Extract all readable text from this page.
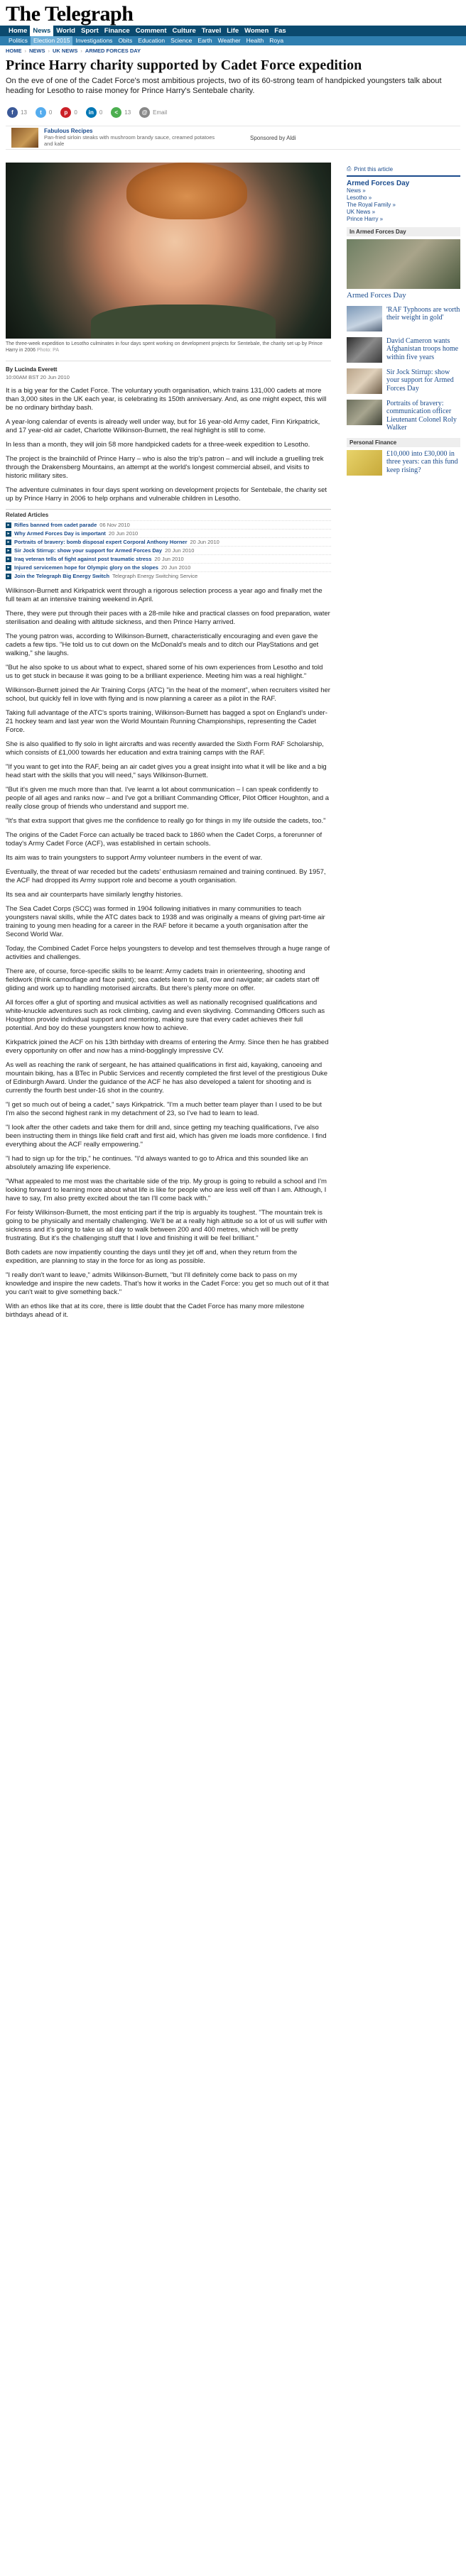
The Telegraph
Home News World Sport Finance Comment Culture Travel Life Women Fas
Politics Election 2015 Investigations Obits Education Science Earth Weather Health Roya
HOME › NEWS › UK NEWS › ARMED FORCES DAY
Prince Harry charity supported by Cadet Force expedition

On the eve of one of the Cadet Force's most ambitious projects, two of its 60-strong team of handpicked youngsters talk about heading for Lesotho to raise money for Prince Harry's Sentebale charity.

f	13	t	0	p	0	in 0	<	13	@ Email
Fabulous Recipes
Pan-fried sirloin steaks with mushroom brandy sauce, creamed potatoes and kale
Sponsored by Aldi
The three-week expedition to Lesotho culminates in four days spent working on development projects for Sentebale, the charity set up by Prince Harry in 2006 Photo: PA
By Lucinda Everett
10:00AM BST 20 Jun 2010

It is a big year for the Cadet Force. The voluntary youth organisation, which trains 131,000 cadets at more than 3,000 sites in the UK each year, is celebrating its 150th anniversary. And, as one might expect, this will be no ordinary birthday bash.

A year-long calendar of events is already well under way, but for 16 year-old Army cadet, Finn Kirkpatrick, and 17 year-old air cadet, Charlotte Wilkinson-Burnett, the real highlight is still to come.

In less than a month, they will join 58 more handpicked cadets for a three-week expedition to Lesotho.

The project is the brainchild of Prince Harry – who is also the trip's patron – and will include a gruelling trek through the Drakensberg Mountains, an attempt at the world's longest commercial abseil, and visits to historic military sites.

The adventure culminates in four days spent working on development projects for Sentebale, the charity set up by Prince Harry in 2006 to help orphans and vulnerable children in Lesotho.

Related Articles
▸ Rifles banned from cadet parade 06 Nov 2010
▸ Why Armed Forces Day is important 20 Jun 2010
▸ Portraits of bravery: bomb disposal expert Corporal Anthony Horner 20 Jun 2010
▸ Sir Jock Stirrup: show your support for Armed Forces Day 20 Jun 2010
▸ Iraq veteran tells of fight against post traumatic stress 20 Jun 2010
▸ Injured servicemen hope for Olympic glory on the slopes 20 Jun 2010
▸ Join the Telegraph Big Energy Switch Telegraph Energy Switching Service

Wilkinson-Burnett and Kirkpatrick went through a rigorous selection process a year ago and finally met the full team at an intensive training weekend in April.

There, they were put through their paces with a 28-mile hike and practical classes on food preparation, water sterilisation and dealing with altitude sickness, and then Prince Harry arrived.

The young patron was, according to Wilkinson-Burnett, characteristically encouraging and even gave the cadets a few tips. "He told us to cut down on the McDonald's meals and to ditch our PlayStations and get walking," she laughs.

"But he also spoke to us about what to expect, shared some of his own experiences from Lesotho and told us to get stuck in because it was going to be a brilliant experience. Meeting him was a real highlight."

Wilkinson-Burnett joined the Air Training Corps (ATC) "in the heat of the moment", when recruiters visited her school, but quickly fell in love with flying and is now planning a career as a pilot in the RAF.

Taking full advantage of the ATC's sports training, Wilkinson-Burnett has bagged a spot on England's under-21 hockey team and last year won the World Mountain Running Championships, representing the Cadet Force.

She is also qualified to fly solo in light aircrafts and was recently awarded the Sixth Form RAF Scholarship, which consists of £1,000 towards her education and extra training camps with the RAF.

"If you want to get into the RAF, being an air cadet gives you a great insight into what it will be like and a big head start with the skills that you will need," says Wilkinson-Burnett.

"But it's given me much more than that. I've learnt a lot about communication – I can speak confidently to people of all ages and ranks now – and I've got a brilliant Commanding Officer, Pilot Officer Houghton, and a really close group of friends who understand and support me.

"It's that extra support that gives me the confidence to really go for things in my life outside the cadets, too."

The origins of the Cadet Force can actually be traced back to 1860 when the Cadet Corps, a forerunner of today's Army Cadet Force (ACF), was established in certain schools.

Its aim was to train youngsters to support Army volunteer numbers in the event of war.

Eventually, the threat of war receded but the cadets' enthusiasm remained and training continued. By 1957, the ACF had dropped its Army support role and become a youth organisation.

Its sea and air counterparts have similarly lengthy histories.

The Sea Cadet Corps (SCC) was formed in 1904 following initiatives in many communities to teach youngsters naval skills, while the ATC dates back to 1938 and was originally a means of giving part-time air training to young men heading for a career in the RAF before it became a youth organisation after the Second World War.

Today, the Combined Cadet Force helps youngsters to develop and test themselves through a huge range of activities and challenges.

There are, of course, force-specific skills to be learnt: Army cadets train in orienteering, shooting and fieldwork (think camouflage and face paint); sea cadets learn to sail, row and navigate; air cadets start off gliding and work up to handling motorised aircrafts. But there's plenty more on offer.

All forces offer a glut of sporting and musical activities as well as nationally recognised qualifications and white-knuckle adventures such as rock climbing, caving and even skydiving. Commanding Officers such as Houghton provide individual support and mentoring, making sure that every cadet achieves their full potential. And boy do these youngsters know how to achieve.

Kirkpatrick joined the ACF on his 13th birthday with dreams of entering the Army. Since then he has grabbed every opportunity on offer and now has a mind-bogglingly impressive CV.

As well as reaching the rank of sergeant, he has attained qualifications in first aid, kayaking, canoeing and mountain biking, has a BTec in Public Services and recently completed the first level of the prestigious Duke of Edinburgh Award. Under the guidance of the ACF he has also developed a talent for shooting and is currently the fourth best under-16 shot in the country.

"I get so much out of being a cadet," says Kirkpatrick. "I'm a much better team player than I used to be but I'm also the second highest rank in my detachment of 23, so I've had to learn to lead.

"I look after the other cadets and take them for drill and, since getting my teaching qualifications, I've also been instructing them in things like field craft and first aid, which has given me loads more confidence. I find everything about the ACF really empowering."

"I had to sign up for the trip," he continues. "I'd always wanted to go to Africa and this sounded like an absolutely amazing life experience.

"What appealed to me most was the charitable side of the trip. My group is going to rebuild a school and I'm looking forward to learning more about what life is like for people who are less well off than I am. Although, I have to say, I'm also pretty excited about the tan I'll come back with."

For feisty Wilkinson-Burnett, the most enticing part if the trip is arguably its toughest. "The mountain trek is going to be physically and mentally challenging. We'll be at a really high altitude so a lot of us will suffer with sickness and it's going to take us all day to walk between 200 and 400 metres, which will be pretty frustrating. But it's the challenging stuff that I love and finishing it will be feel brilliant."

Both cadets are now impatiently counting the days until they jet off and, when they return from the expedition, are planning to stay in the force for as long as possible.

"I really don't want to leave," admits Wilkinson-Burnett, "but I'll definitely come back to pass on my knowledge and inspire the new cadets. That's how it works in the Cadet Force: you get so much out of it that you can't wait to give something back."

With an ethos like that at its core, there is little doubt that the Cadet Force has many more milestone birthdays ahead of it.

⎙ Print this article
Armed Forces Day
News »
Lesotho »
The Royal Family »
UK News »
Prince Harry »
In Armed Forces Day
Armed Forces Day
'RAF Typhoons are worth their weight in gold'
David Cameron wants Afghanistan troops home within five years
Sir Jock Stirrup: show your support for Armed Forces Day
Portraits of bravery: communication officer Lieutenant Colonel Roly Walker
Personal Finance
£10,000 into £30,000 in three years: can this fund keep rising?
